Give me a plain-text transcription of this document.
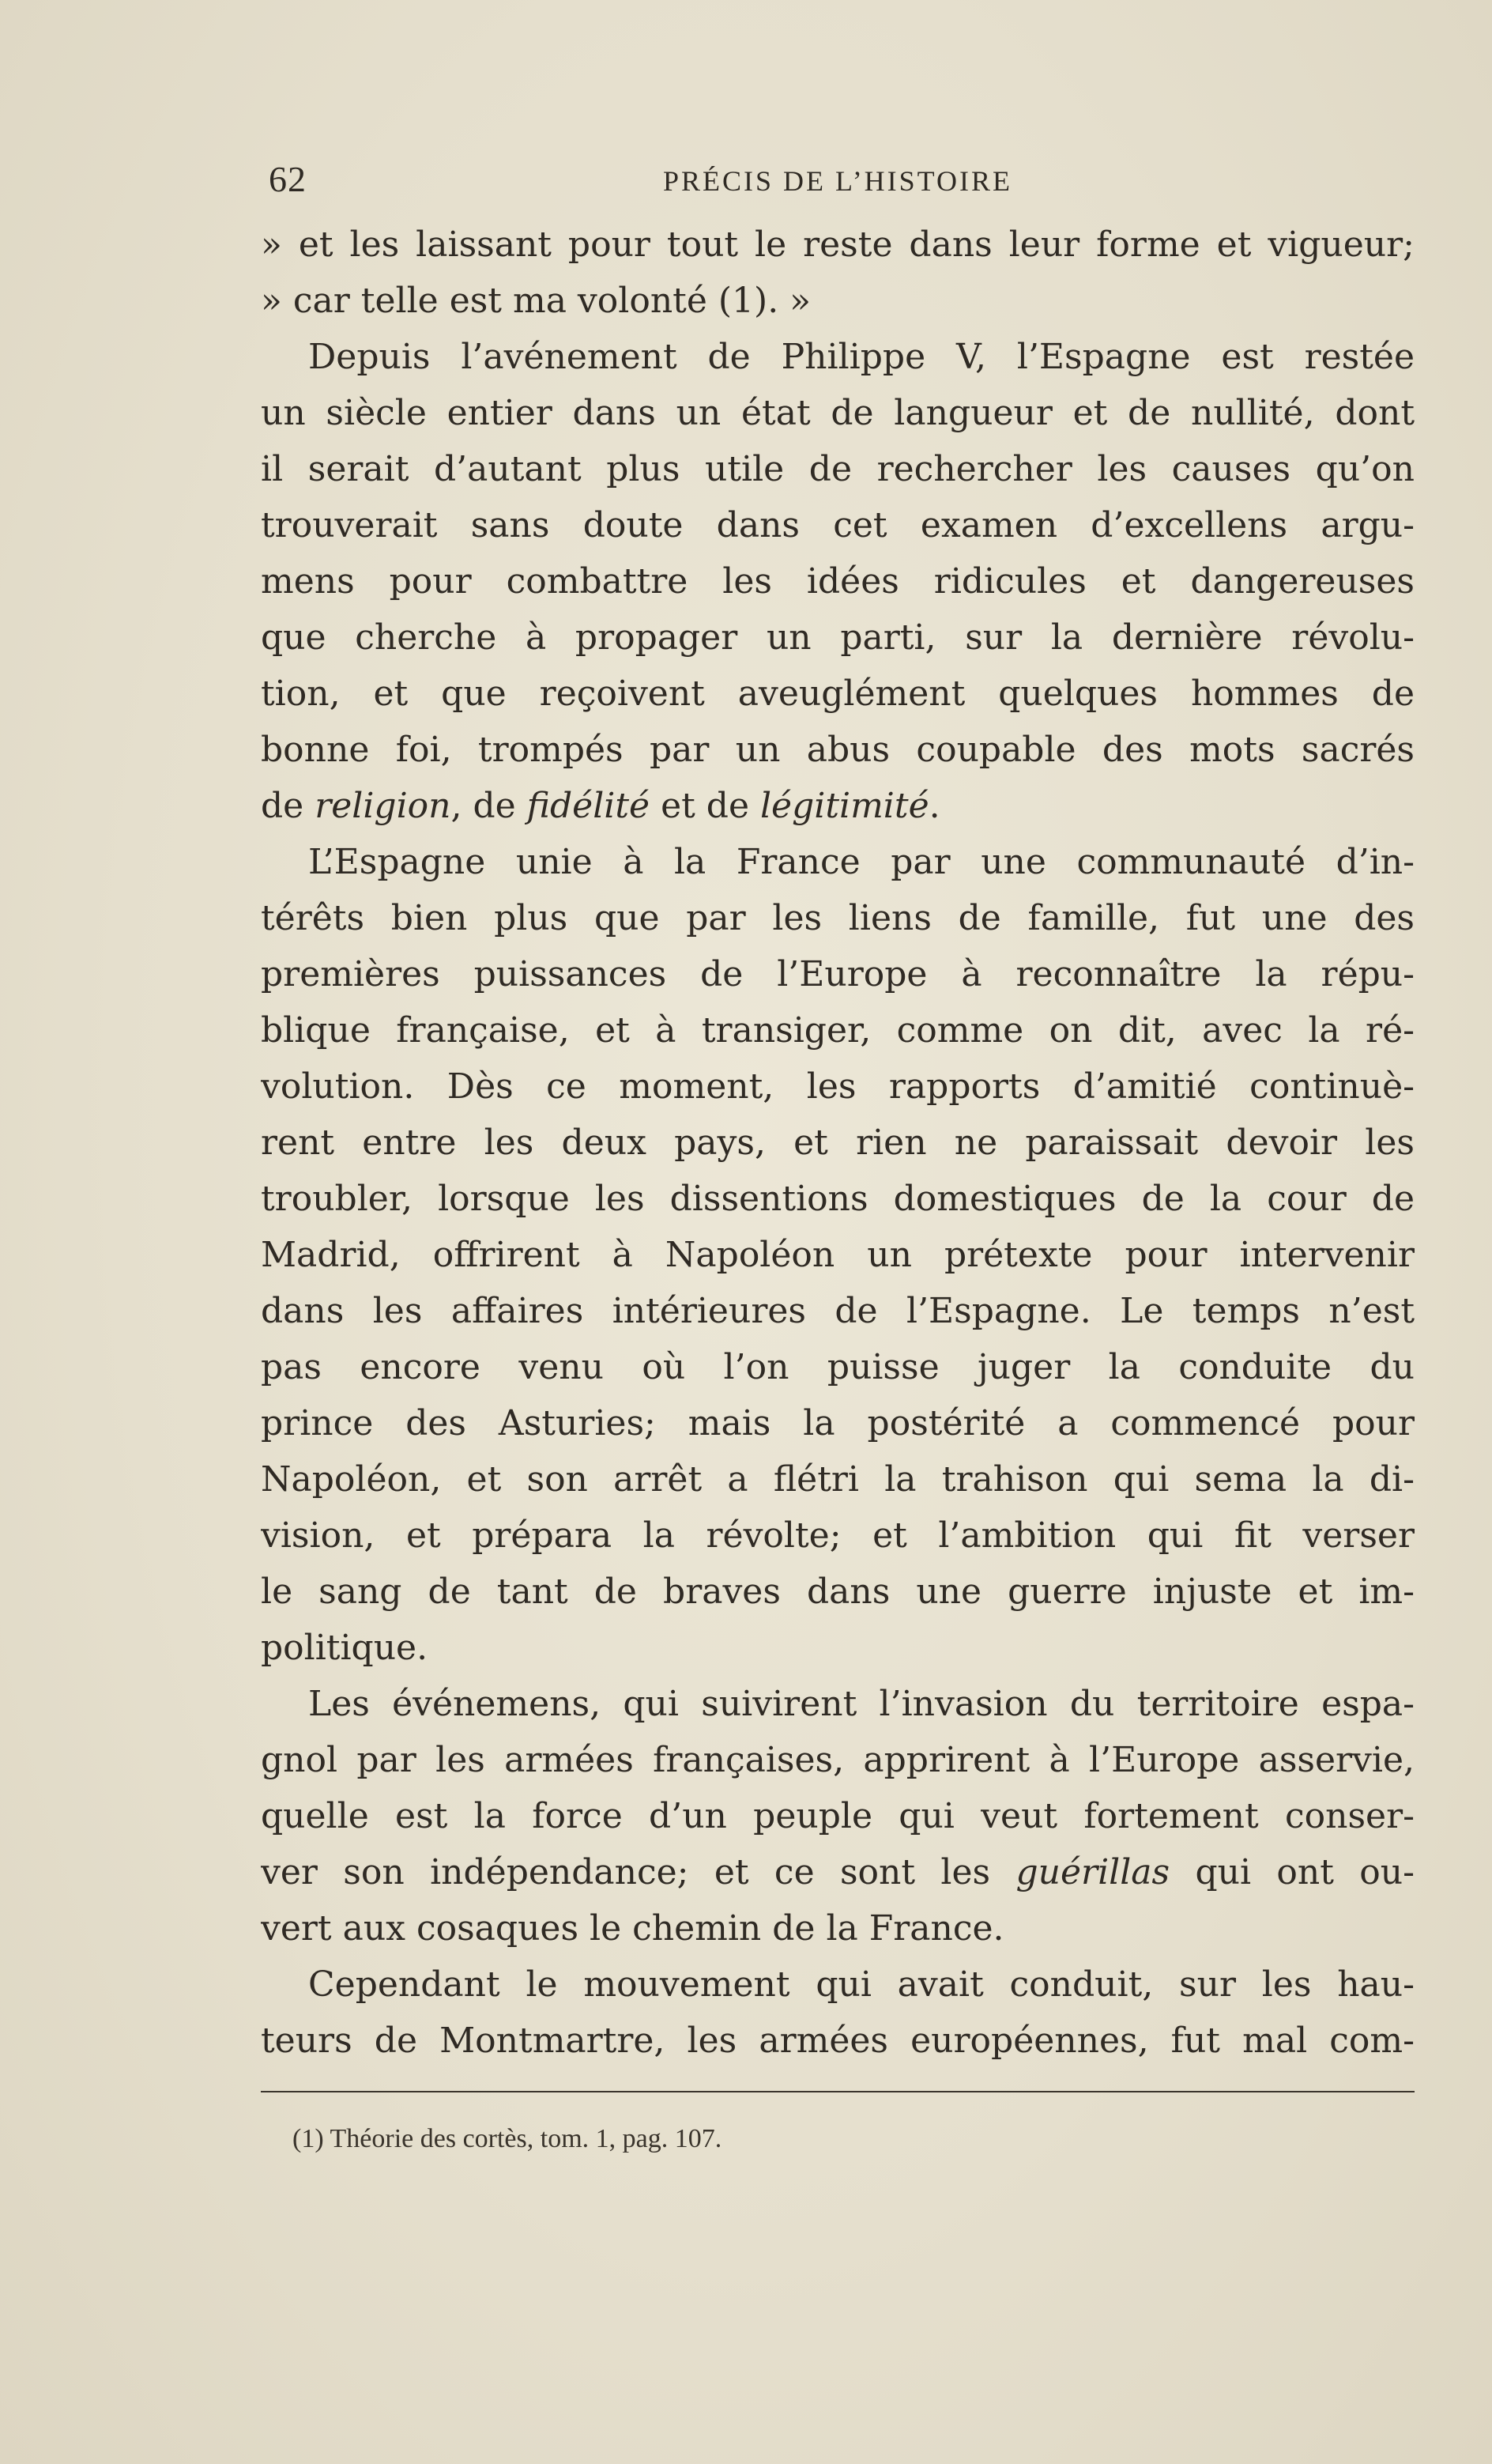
62	PRÉCIS DE L’HISTOIRE
» et les laissant pour tout le reste dans leur forme et vigueur;
» car telle est ma volonté (1). »
Depuis l’avénement de Philippe V, l’Espagne est restée
un siècle entier dans un état de langueur et de nullité, dont
il serait d’autant plus utile de rechercher les causes qu’on
trouverait sans doute dans cet examen d’excellens argu-
mens pour combattre les idées ridicules et dangereuses
que cherche à propager un parti, sur la dernière révolu-
tion, et que reçoivent aveuglément quelques hommes de
bonne foi, trompés par un abus coupable des mots sacrés
de religion, de fidélité et de légitimité.
L’Espagne unie à la France par une communauté d’in-
térêts bien plus que par les liens de famille, fut une des
premières puissances de l’Europe à reconnaître la répu-
blique française, et à transiger, comme on dit, avec la ré-
volution. Dès ce moment, les rapports d’amitié continuè-
rent entre les deux pays, et rien ne paraissait devoir les
troubler, lorsque les dissentions domestiques de la cour de
Madrid, offrirent à Napoléon un prétexte pour intervenir
dans les affaires intérieures de l’Espagne. Le temps n’est
pas encore venu où l’on puisse juger la conduite du
prince des Asturies; mais la postérité a commencé pour
Napoléon, et son arrêt a flétri la trahison qui sema la di-
vision, et prépara la révolte; et l’ambition qui fit verser
le sang de tant de braves dans une guerre injuste et im-
politique.
Les événemens, qui suivirent l’invasion du territoire espa-
gnol par les armées françaises, apprirent à l’Europe asservie,
quelle est la force d’un peuple qui veut fortement conser-
ver son indépendance; et ce sont les guérillas qui ont ou-
vert aux cosaques le chemin de la France.
Cependant le mouvement qui avait conduit, sur les hau-
teurs de Montmartre, les armées européennes, fut mal com-
(1) Théorie des cortès, tom. 1, pag. 107.
